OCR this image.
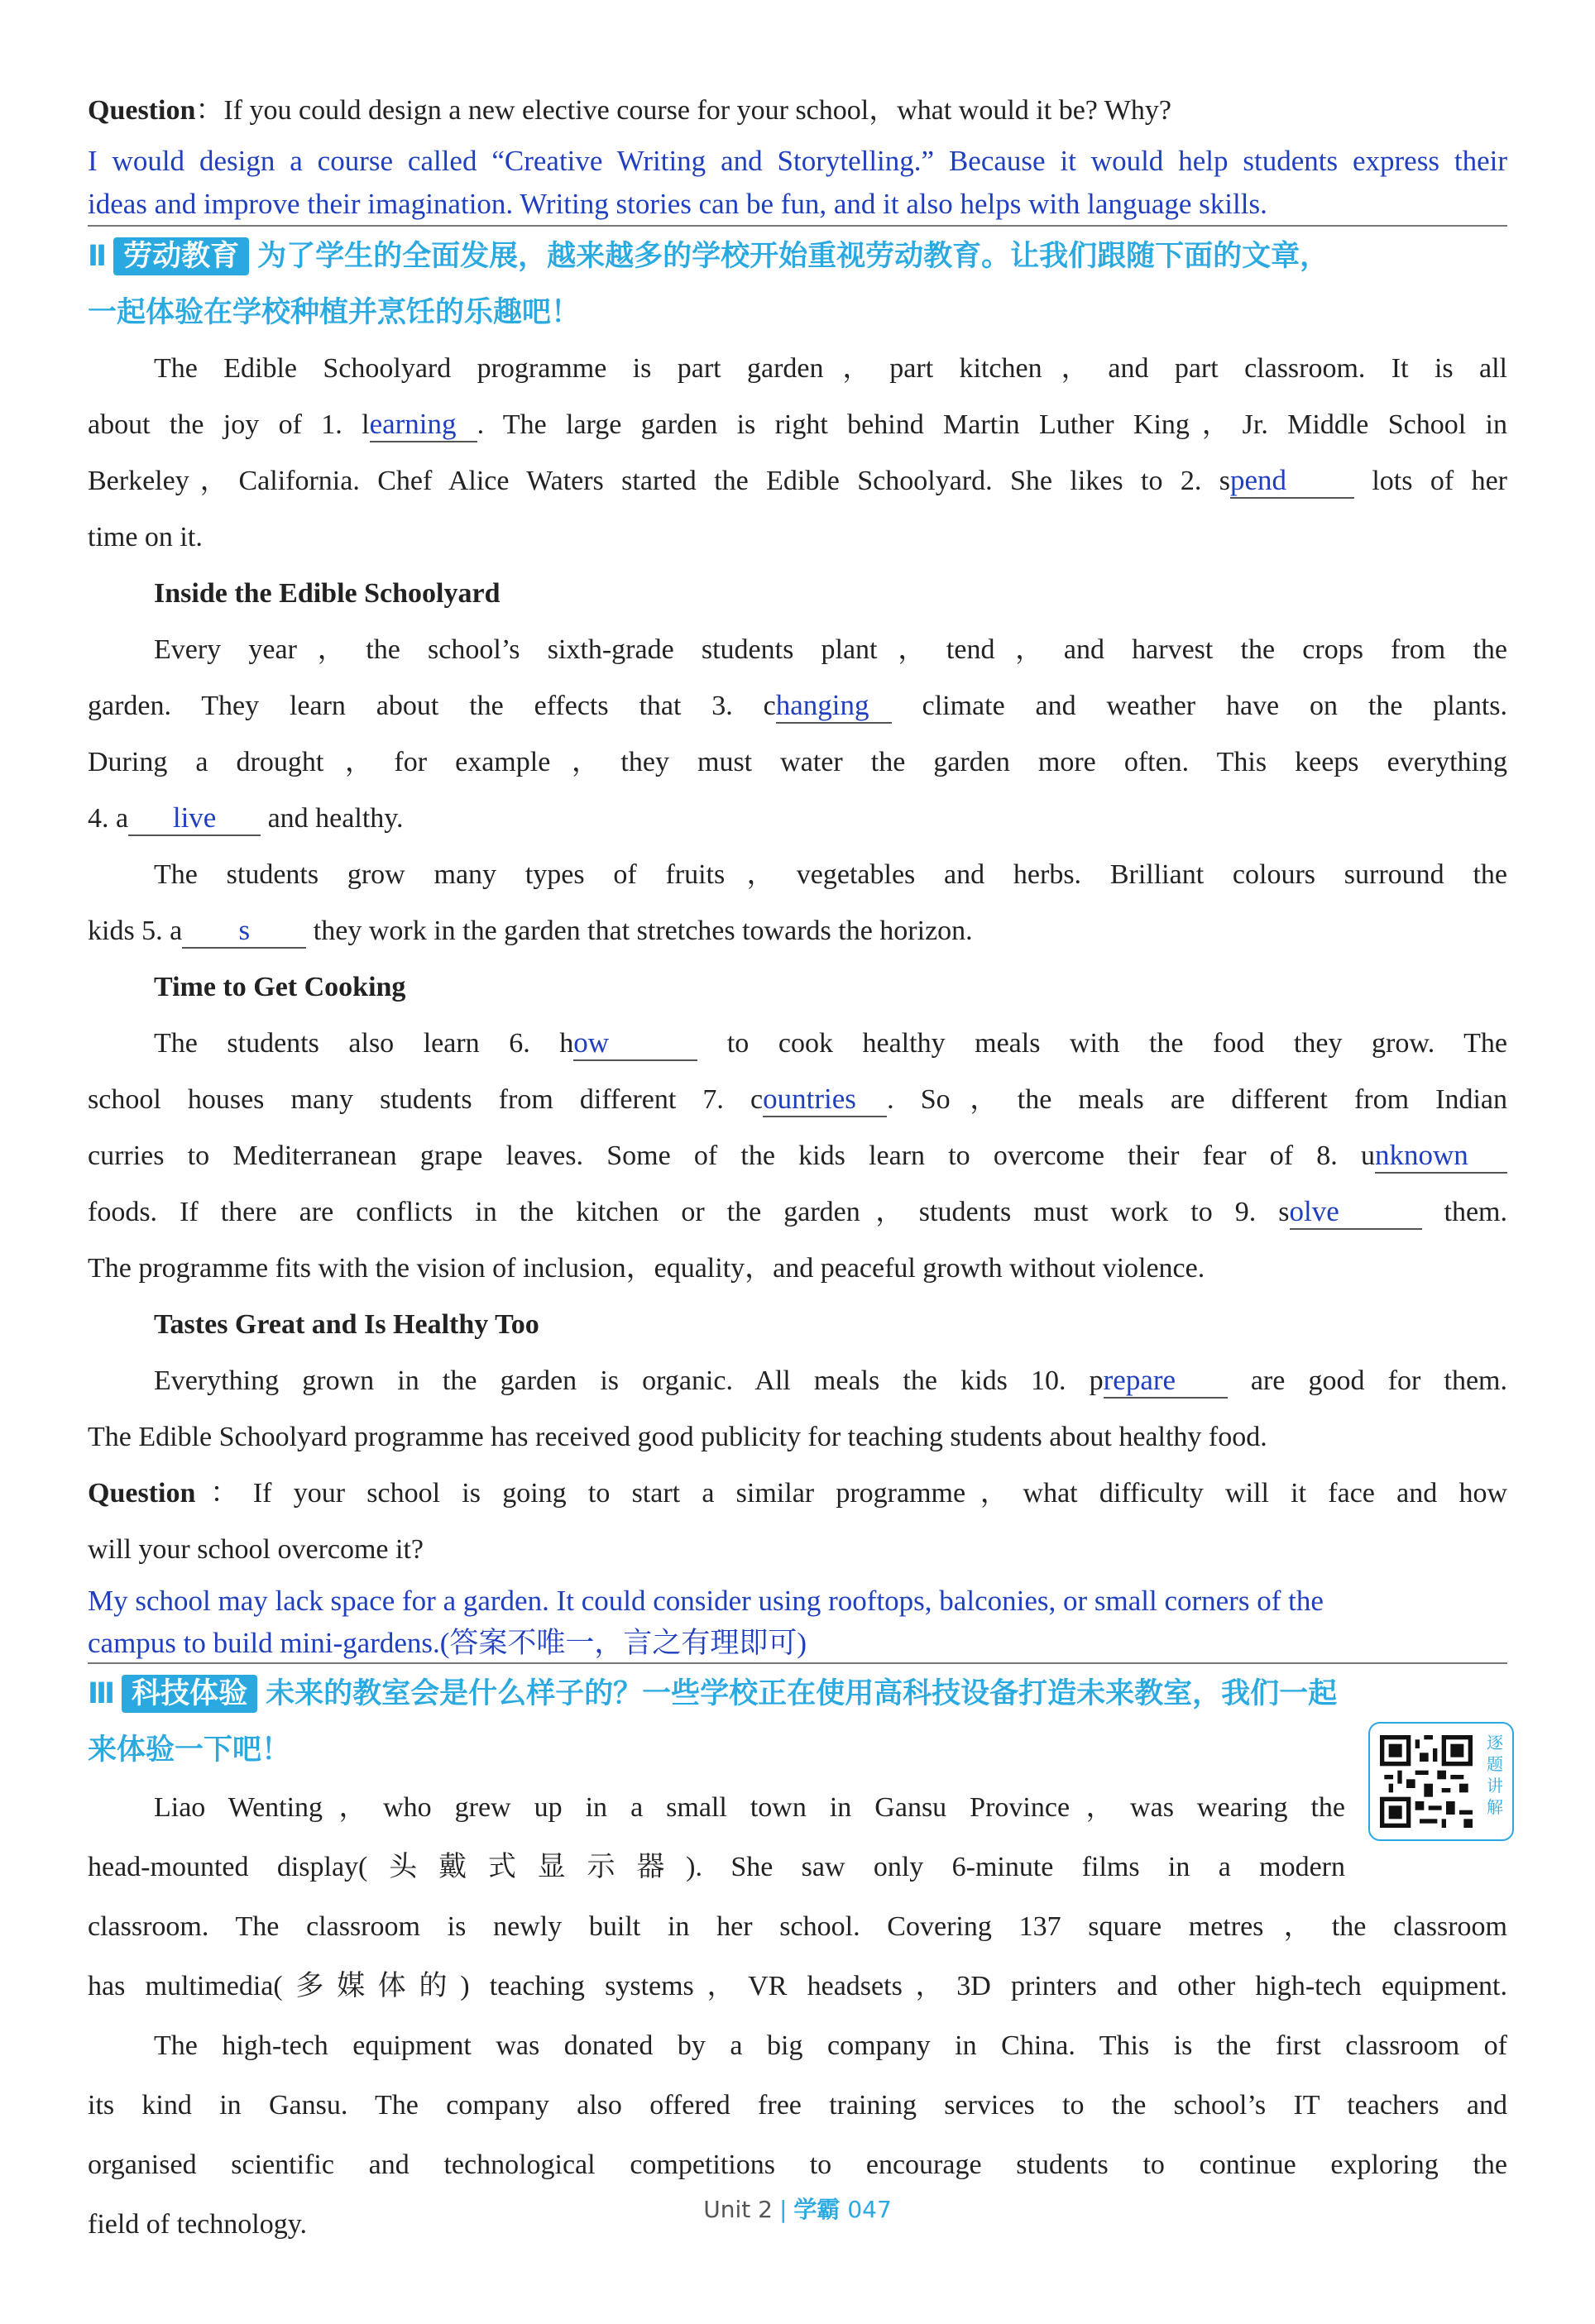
Question：If you could design a new elective course for your school，what would it be? Why?

I would design a course called “Creative Writing and Storytelling.” Because it would help students express their

ideas and improve their imagination. Writing stories can be fun, and it also helps with language skills.

Ⅱ 劳动教育 为了学生的全面发展，越来越多的学校开始重视劳动教育。让我们跟随下面的文章，
一起体验在学校种植并烹饪的乐趣吧！

The Edible Schoolyard programme is part garden，part kitchen，and part classroom. It is all

about the joy of 1. learning . The large garden is right behind Martin Luther King，Jr. Middle School in

Berkeley，California. Chef Alice Waters started the Edible Schoolyard. She likes to 2. spend lots of her

time on it.

Inside the Edible Schoolyard

Every year，the school’s sixth-grade students plant，tend，and harvest the crops from the

garden. They learn about the effects that 3. changing climate and weather have on the plants.

During a drought，for example，they must water the garden more often. This keeps everything

4. a live and healthy.

The students grow many types of fruits，vegetables and herbs. Brilliant colours surround the

kids 5. a s they work in the garden that stretches towards the horizon.

Time to Get Cooking

The students also learn 6. how	to cook healthy meals with the food they grow. The

school houses many students from different 7. countries . So，the meals are different from Indian

curries to Mediterranean grape leaves. Some of the kids learn to overcome their fear of 8. unknown

foods. If there are conflicts in the kitchen or the garden，students must work to 9. solve	them.

The programme fits with the vision of inclusion，equality，and peaceful growth without violence.

Tastes Great and Is Healthy Too

Everything grown in the garden is organic. All meals the kids 10. prepare are good for them.

The Edible Schoolyard programme has received good publicity for teaching students about healthy food.

Question：If your school is going to start a similar programme，what difficulty will it face and how

will your school overcome it?

My school may lack space for a garden. It could consider using rooftops, balconies, or small corners of the

campus to build mini-gardens.(答案不唯一，言之有理即可)

Ⅲ 科技体验 未来的教室会是什么样子的？一些学校正在使用高科技设备打造未来教室，我们一起
来体验一下吧！

Liao Wenting，who grew up in a small town in Gansu Province，was wearing the

head-mounted display(头戴式显示器). She saw only 6-minute films in a modern

classroom. The classroom is newly built in her school. Covering 137 square metres，the classroom

has multimedia(多媒体的) teaching systems，VR headsets，3D printers and other high-tech equipment.

The high-tech equipment was donated by a big company in China. This is the first classroom of

its kind in Gansu. The company also offered free training services to the school’s IT teachers and

organised scientific and technological competitions to encourage students to continue exploring the

field of technology.

逐题讲解
Unit 2 | 学霸 047
